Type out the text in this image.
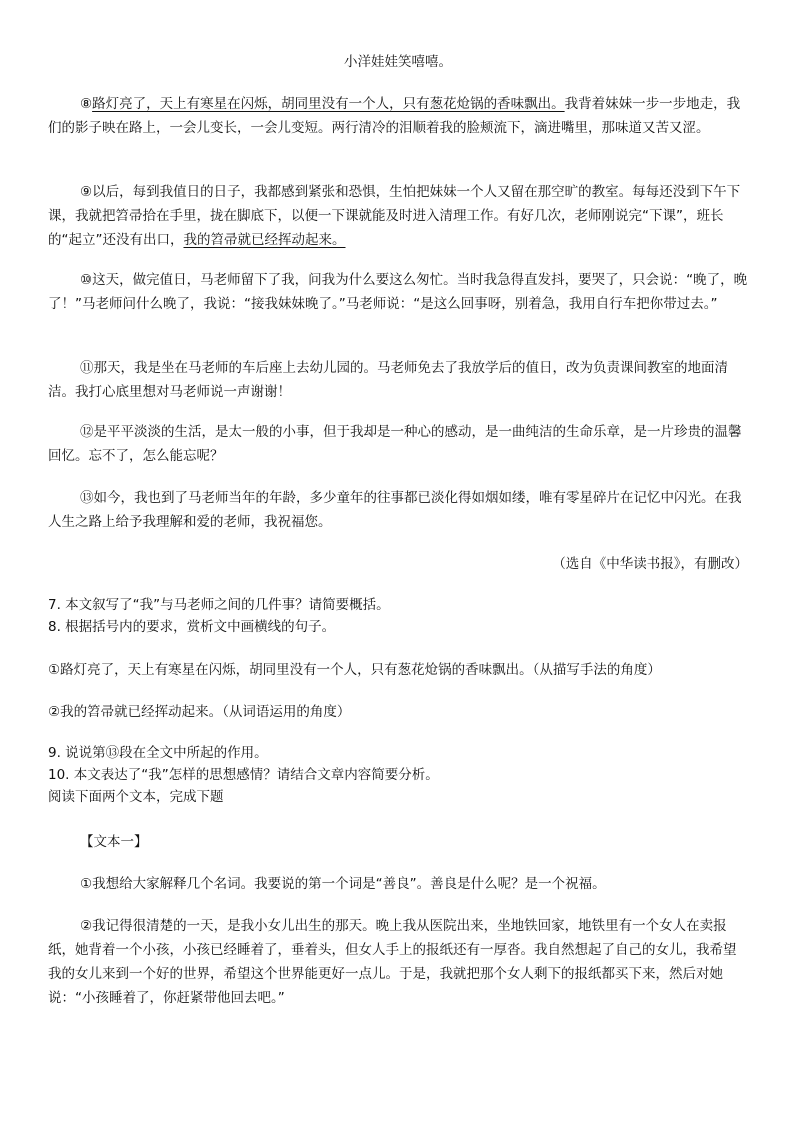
小洋娃娃笑嘻嘻。

⑧路灯亮了，天上有寒星在闪烁，胡同里没有一个人，只有葱花炝锅的香味飘出。我背着妹妹一步一步地走，我们的影子映在路上，一会儿变长，一会儿变短。两行清冷的泪顺着我的脸颊流下，滴进嘴里，那味道又苦又涩。

⑨以后，每到我值日的日子，我都感到紧张和恐惧，生怕把妹妹一个人又留在那空旷的教室。每每还没到下午下课，我就把笤帚拾在手里，拢在脚底下，以便一下课就能及时进入清理工作。有好几次，老师刚说完“下课”，班长的“起立”还没有出口，我的笤帚就已经挥动起来。

⑩这天，做完值日，马老师留下了我，问我为什么要这么匆忙。当时我急得直发抖，要哭了，只会说：“晚了，晚了！”马老师问什么晚了，我说：“接我妹妹晚了。”马老师说：“是这么回事呀，别着急，我用自行车把你带过去。”

⑪那天，我是坐在马老师的车后座上去幼儿园的。马老师免去了我放学后的值日，改为负责课间教室的地面清洁。我打心底里想对马老师说一声谢谢！

⑫是平平淡淡的生活，是太一般的小事，但于我却是一种心的感动，是一曲纯洁的生命乐章，是一片珍贵的温馨回忆。忘不了，怎么能忘呢？

⑬如今，我也到了马老师当年的年龄，多少童年的往事都已淡化得如烟如缕，唯有零星碎片在记忆中闪光。在我人生之路上给予我理解和爱的老师，我祝福您。

（选自《中华读书报》，有删改）

7. 本文叙写了“我”与马老师之间的几件事？请简要概括。

8. 根据括号内的要求，赏析文中画横线的句子。

①路灯亮了，天上有寒星在闪烁，胡同里没有一个人，只有葱花炝锅的香味飘出。（从描写手法的角度）

②我的笤帚就已经挥动起来。（从词语运用的角度）

9. 说说第⑬段在全文中所起的作用。

10. 本文表达了“我”怎样的思想感情？请结合文章内容简要分析。

阅读下面两个文本，完成下题

【文本一】

①我想给大家解释几个名词。我要说的第一个词是“善良”。善良是什么呢？是一个祝福。

②我记得很清楚的一天，是我小女儿出生的那天。晚上我从医院出来，坐地铁回家，地铁里有一个女人在卖报纸，她背着一个小孩，小孩已经睡着了，垂着头，但女人手上的报纸还有一厚沓。我自然想起了自己的女儿，我希望我的女儿来到一个好的世界，希望这个世界能更好一点儿。于是，我就把那个女人剩下的报纸都买下来，然后对她说：“小孩睡着了，你赶紧带他回去吧。”
